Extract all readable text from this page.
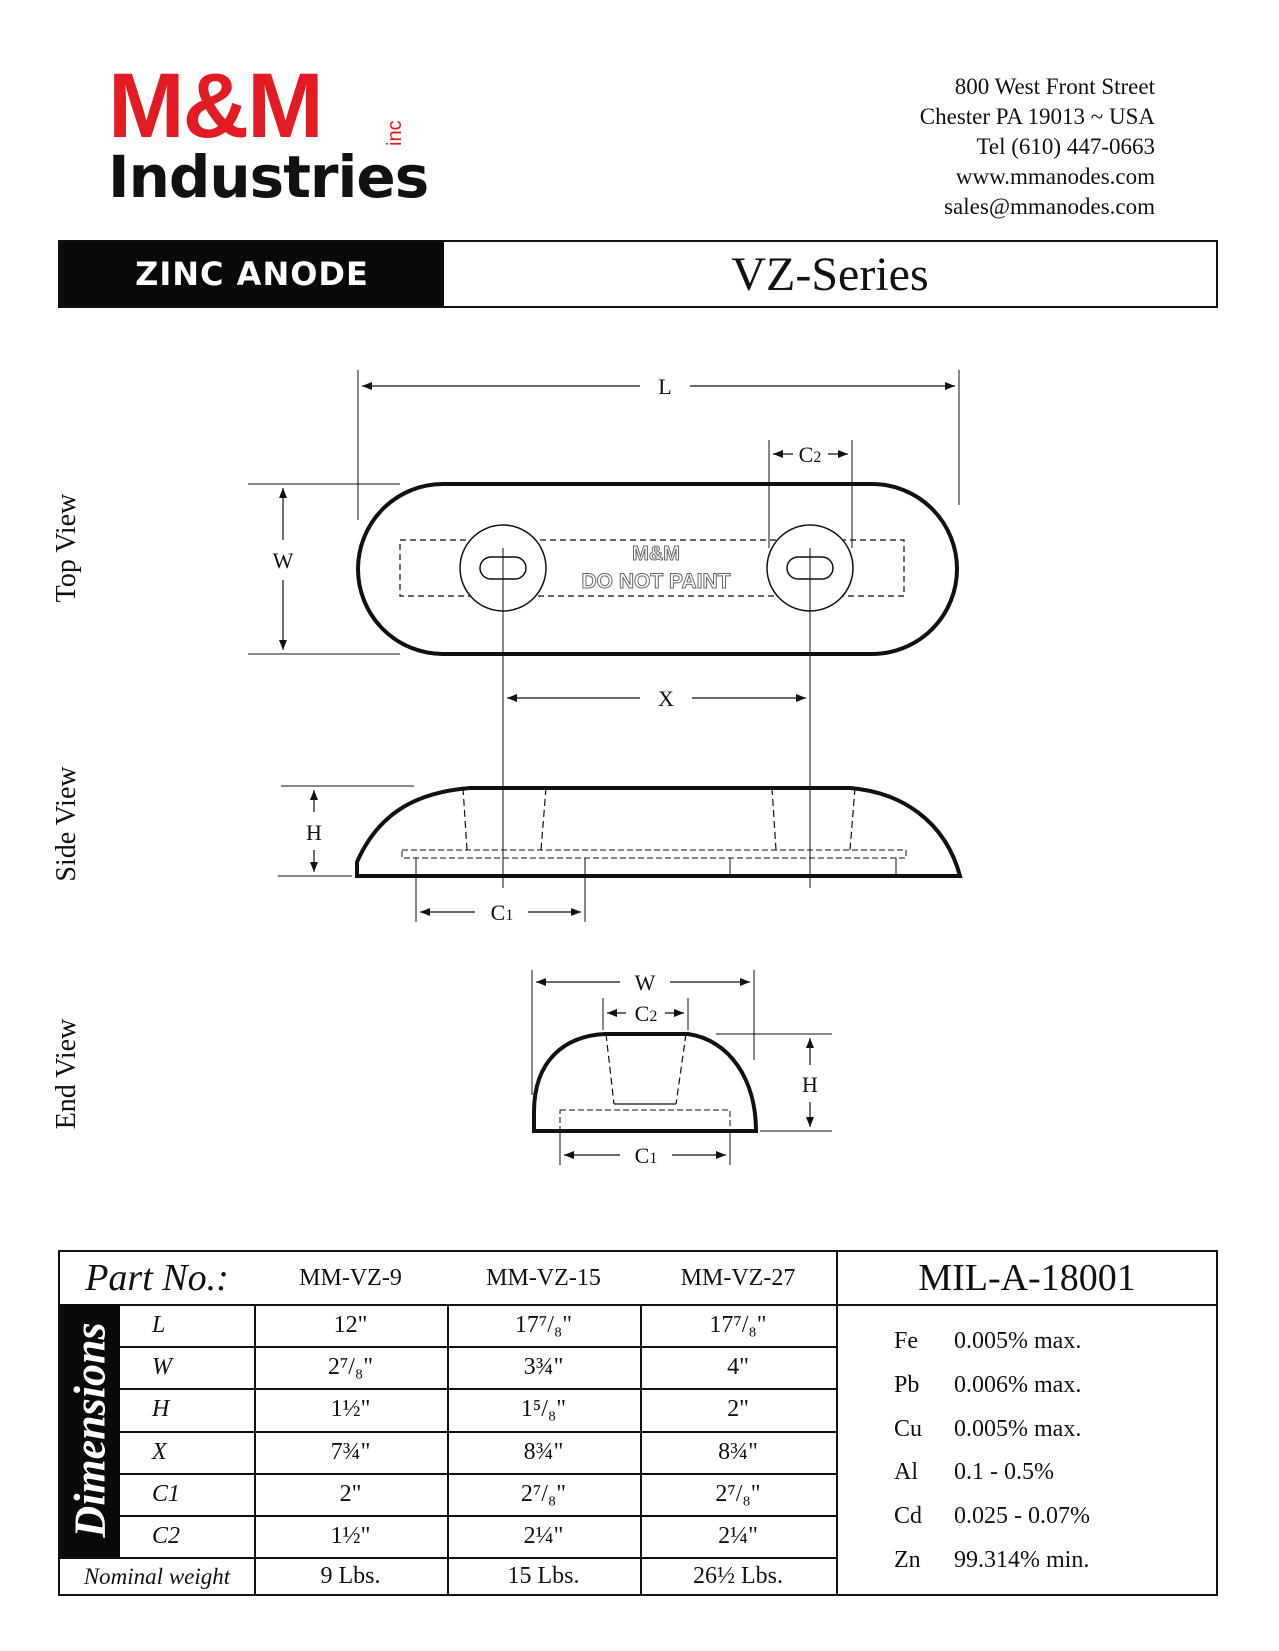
M&M
Industries
inc
800 West Front Street
Chester PA 19013 ~ USA
Tel (610) 447-0663
www.mmanodes.com
sales@mmanodes.com
ZINC ANODE	VZ-Series
Top View
Side View
End View
L
C2
W	M&M
DO NOT PAINT
X
H
C1
W
C2
H
C1
Dimensions
Part No.:	MM-VZ-9	MM-VZ-15	MM-VZ-27	MIL-A-18001
L	12"	17⁷/₈"	17⁷/₈"
W	2⁷/₈"	3¾"	4"
H	1½"	1⁵/₈"	2"
X	7¾"	8¾"	8¾"
C1	2"	2⁷/₈"	2⁷/₈"
C2	1½"	2¼"	2¼"
Nominal weight	9 Lbs.	15 Lbs.	26½ Lbs.
Fe 0.005% max.
Pb 0.006% max.
Cu 0.005% max.
Al 0.1 - 0.5%
Cd 0.025 - 0.07%
Zn 99.314% min.
